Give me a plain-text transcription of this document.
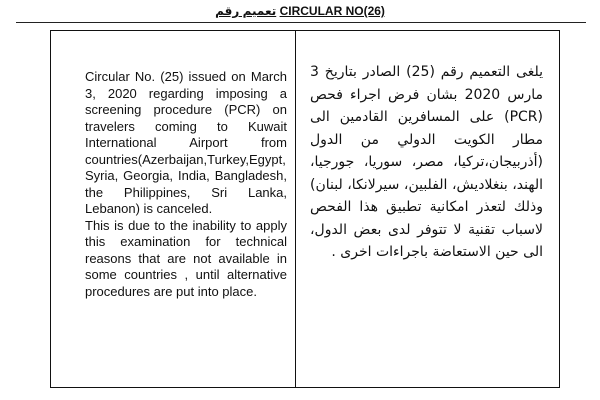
تعميم رقم CIRCULAR NO(26)

Circular No. (25) issued on March 3, 2020 regarding imposing a screening procedure (PCR) on travelers coming to Kuwait International Airport from countries(Azerbaijan,Turkey,Egypt, Syria, Georgia, India, Bangladesh, the Philippines, Sri Lanka, Lebanon) is canceled.

This is due to the inability to apply this examination for technical reasons that are not available in some countries , until alternative procedures are put into place.

يلغى التعميم رقم (25) الصادر بتاريخ 3 مارس 2020 بشان فرض اجراء فحص (PCR) على المسافرين القادمين الى مطار الكويت الدولي من الدول (أذربيجان،تركيا، مصر، سوريا، جورجيا، الهند، بنغلاديش، الفلبين، سيرلانكا، لبنان) وذلك لتعذر امكانية تطبيق هذا الفحص لاسباب تقنية لا تتوفر لدى بعض الدول، الى حين الاستعاضة باجراءات اخرى .
